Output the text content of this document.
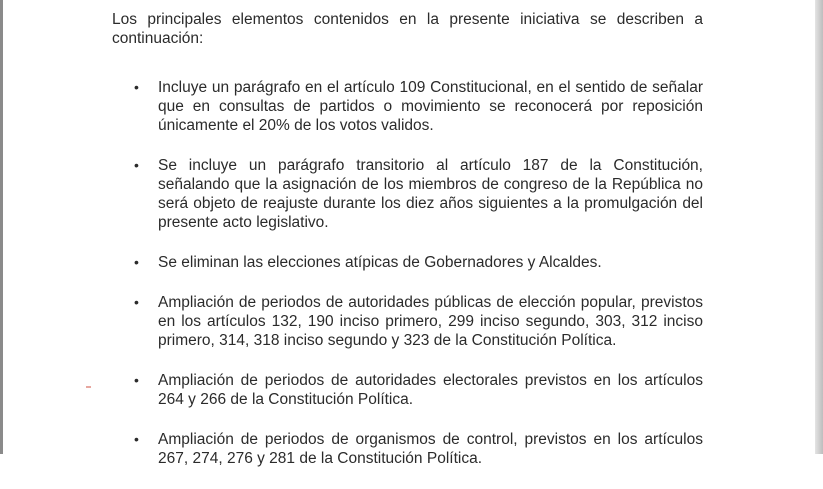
Los principales elementos contenidos en la presente iniciativa se describen a continuación:

• Incluye un parágrafo en el artículo 109 Constitucional, en el sentido de señalar que en consultas de partidos o movimiento se reconocerá por reposición únicamente el 20% de los votos validos.
• Se incluye un parágrafo transitorio al artículo 187 de la Constitución, señalando que la asignación de los miembros de congreso de la República no será objeto de reajuste durante los diez años siguientes a la promulgación del presente acto legislativo.
• Se eliminan las elecciones atípicas de Gobernadores y Alcaldes.
• Ampliación de periodos de autoridades públicas de elección popular, previstos en los artículos 132, 190 inciso primero, 299 inciso segundo, 303, 312 inciso primero, 314, 318 inciso segundo y 323 de la Constitución Política.
• Ampliación de periodos de autoridades electorales previstos en los artículos 264 y 266 de la Constitución Política.
• Ampliación de periodos de organismos de control, previstos en los artículos 267, 274, 276 y 281 de la Constitución Política.
